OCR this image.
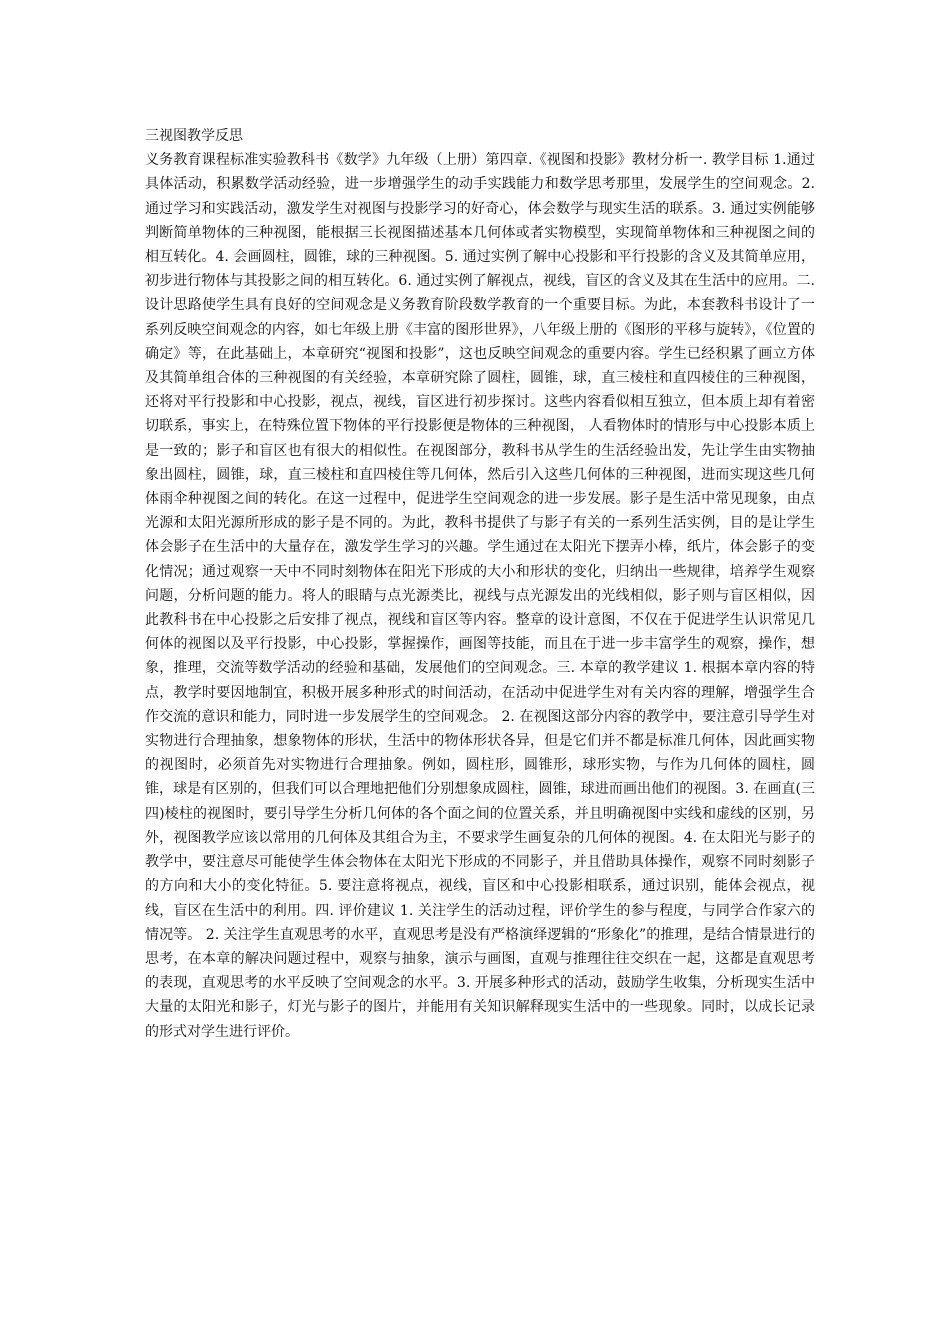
三视图教学反思

义务教育课程标准实验教科书《数学》九年级（上册）第四章.《视图和投影》教材分析一. 教学目标 1.通过具体活动，积累数学活动经验，进一步增强学生的动手实践能力和数学思考那里，发展学生的空间观念。2. 通过学习和实践活动，激发学生对视图与投影学习的好奇心，体会数学与现实生活的联系。3. 通过实例能够判断简单物体的三种视图，能根据三长视图描述基本几何体或者实物模型，实现简单物体和三种视图之间的相互转化。4. 会画圆柱，圆锥，球的三种视图。5. 通过实例了解中心投影和平行投影的含义及其简单应用，初步进行物体与其投影之间的相互转化。6. 通过实例了解视点，视线，盲区的含义及其在生活中的应用。二. 设计思路使学生具有良好的空间观念是义务教育阶段数学教育的一个重要目标。为此，本套教科书设计了一系列反映空间观念的内容，如七年级上册《丰富的图形世界》，八年级上册的《图形的平移与旋转》，《位置的确定》等，在此基础上，本章研究“视图和投影”，这也反映空间观念的重要内容。学生已经积累了画立方体及其简单组合体的三种视图的有关经验，本章研究除了圆柱，圆锥，球，直三棱柱和直四棱住的三种视图，还将对平行投影和中心投影，视点，视线，盲区进行初步探讨。这些内容看似相互独立，但本质上却有着密切联系，事实上，在特殊位置下物体的平行投影便是物体的三种视图， 人看物体时的情形与中心投影本质上是一致的；影子和盲区也有很大的相似性。在视图部分，教科书从学生的生活经验出发，先让学生由实物抽象出圆柱，圆锥，球，直三棱柱和直四棱住等几何体，然后引入这些几何体的三种视图，进而实现这些几何体雨伞种视图之间的转化。在这一过程中，促进学生空间观念的进一步发展。影子是生活中常见现象，由点光源和太阳光源所形成的影子是不同的。为此，教科书提供了与影子有关的一系列生活实例，目的是让学生体会影子在生活中的大量存在，激发学生学习的兴趣。学生通过在太阳光下摆弄小棒，纸片，体会影子的变化情况；通过观察一天中不同时刻物体在阳光下形成的大小和形状的变化，归纳出一些规律，培养学生观察问题，分析问题的能力。将人的眼睛与点光源类比，视线与点光源发出的光线相似，影子则与盲区相似，因此教科书在中心投影之后安排了视点，视线和盲区等内容。整章的设计意图，不仅在于促进学生认识常见几何体的视图以及平行投影，中心投影，掌握操作，画图等技能，而且在于进一步丰富学生的观察，操作，想象，推理，交流等数学活动的经验和基础，发展他们的空间观念。三. 本章的教学建议 1. 根据本章内容的特点，教学时要因地制宜，积极开展多种形式的时间活动，在活动中促进学生对有关内容的理解，增强学生合作交流的意识和能力，同时进一步发展学生的空间观念。 2. 在视图这部分内容的教学中，要注意引导学生对实物进行合理抽象，想象物体的形状，生活中的物体形状各异，但是它们并不都是标准几何体，因此画实物的视图时，必须首先对实物进行合理抽象。例如，圆柱形，圆锥形，球形实物，与作为几何体的圆柱，圆锥，球是有区别的，但我们可以合理地把他们分别想象成圆柱，圆锥，球进而画出他们的视图。3. 在画直(三四)棱柱的视图时，要引导学生分析几何体的各个面之间的位置关系，并且明确视图中实线和虚线的区别，另外，视图教学应该以常用的几何体及其组合为主，不要求学生画复杂的几何体的视图。4. 在太阳光与影子的教学中，要注意尽可能使学生体会物体在太阳光下形成的不同影子，并且借助具体操作，观察不同时刻影子的方向和大小的变化特征。5. 要注意将视点，视线，盲区和中心投影相联系，通过识别，能体会视点，视线，盲区在生活中的利用。四. 评价建议 1. 关注学生的活动过程，评价学生的参与程度，与同学合作家六的情况等。 2. 关注学生直观思考的水平，直观思考是没有严格演绎逻辑的“形象化”的推理，是结合情景进行的思考，在本章的解决问题过程中，观察与抽象，演示与画图，直观与推理往往交织在一起，这都是直观思考的表现，直观思考的水平反映了空间观念的水平。3. 开展多种形式的活动，鼓励学生收集，分析现实生活中大量的太阳光和影子，灯光与影子的图片，并能用有关知识解释现实生活中的一些现象。同时，以成长记录的形式对学生进行评价。
